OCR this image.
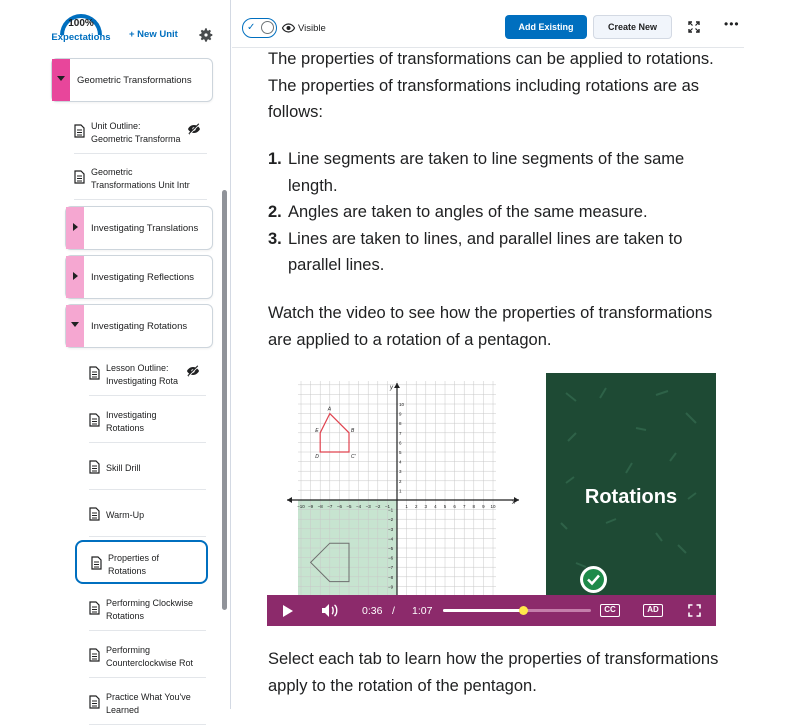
100%
Expectations + New Unit
Geometric Transformations
Unit Outline:
Geometric Transforma
Geometric
Transformations Unit Intr
Investigating Translations
Investigating Reflections
Investigating Rotations
Lesson Outline:
Investigating Rota
Investigating
Rotations
Skill Drill
Warm-Up
Properties of
Rotations
Performing Clockwise
Rotations
Performing
Counterclockwise Rot
Practice What You've
Learned
✓	Visible	Add Existing	Create New	•••

The properties of transformations can be applied to rotations. The properties of transformations including rotations are as follows:

1. Line segments are taken to line segments of the same length.
2. Angles are taken to angles of the same measure.
3. Lines are taken to lines, and parallel lines are taken to parallel lines.

Watch the video to see how the properties of transformations are applied to a rotation of a pentagon.

Select each tab to learn how the properties of transformations apply to the rotation of the pentagon.

x
y
−10 −9 −8 −7 −6 −5 −4 −3 −2 −1	1 2 3 4 5 6 7 8 9 10
10
9
8
7
6
5
4
3
2
1
−1
−2
−3
−4
−5
−6
−7
−8
−9
A
B
C'
D
E
Rotations
0:36 / 1:07	CC	AD
